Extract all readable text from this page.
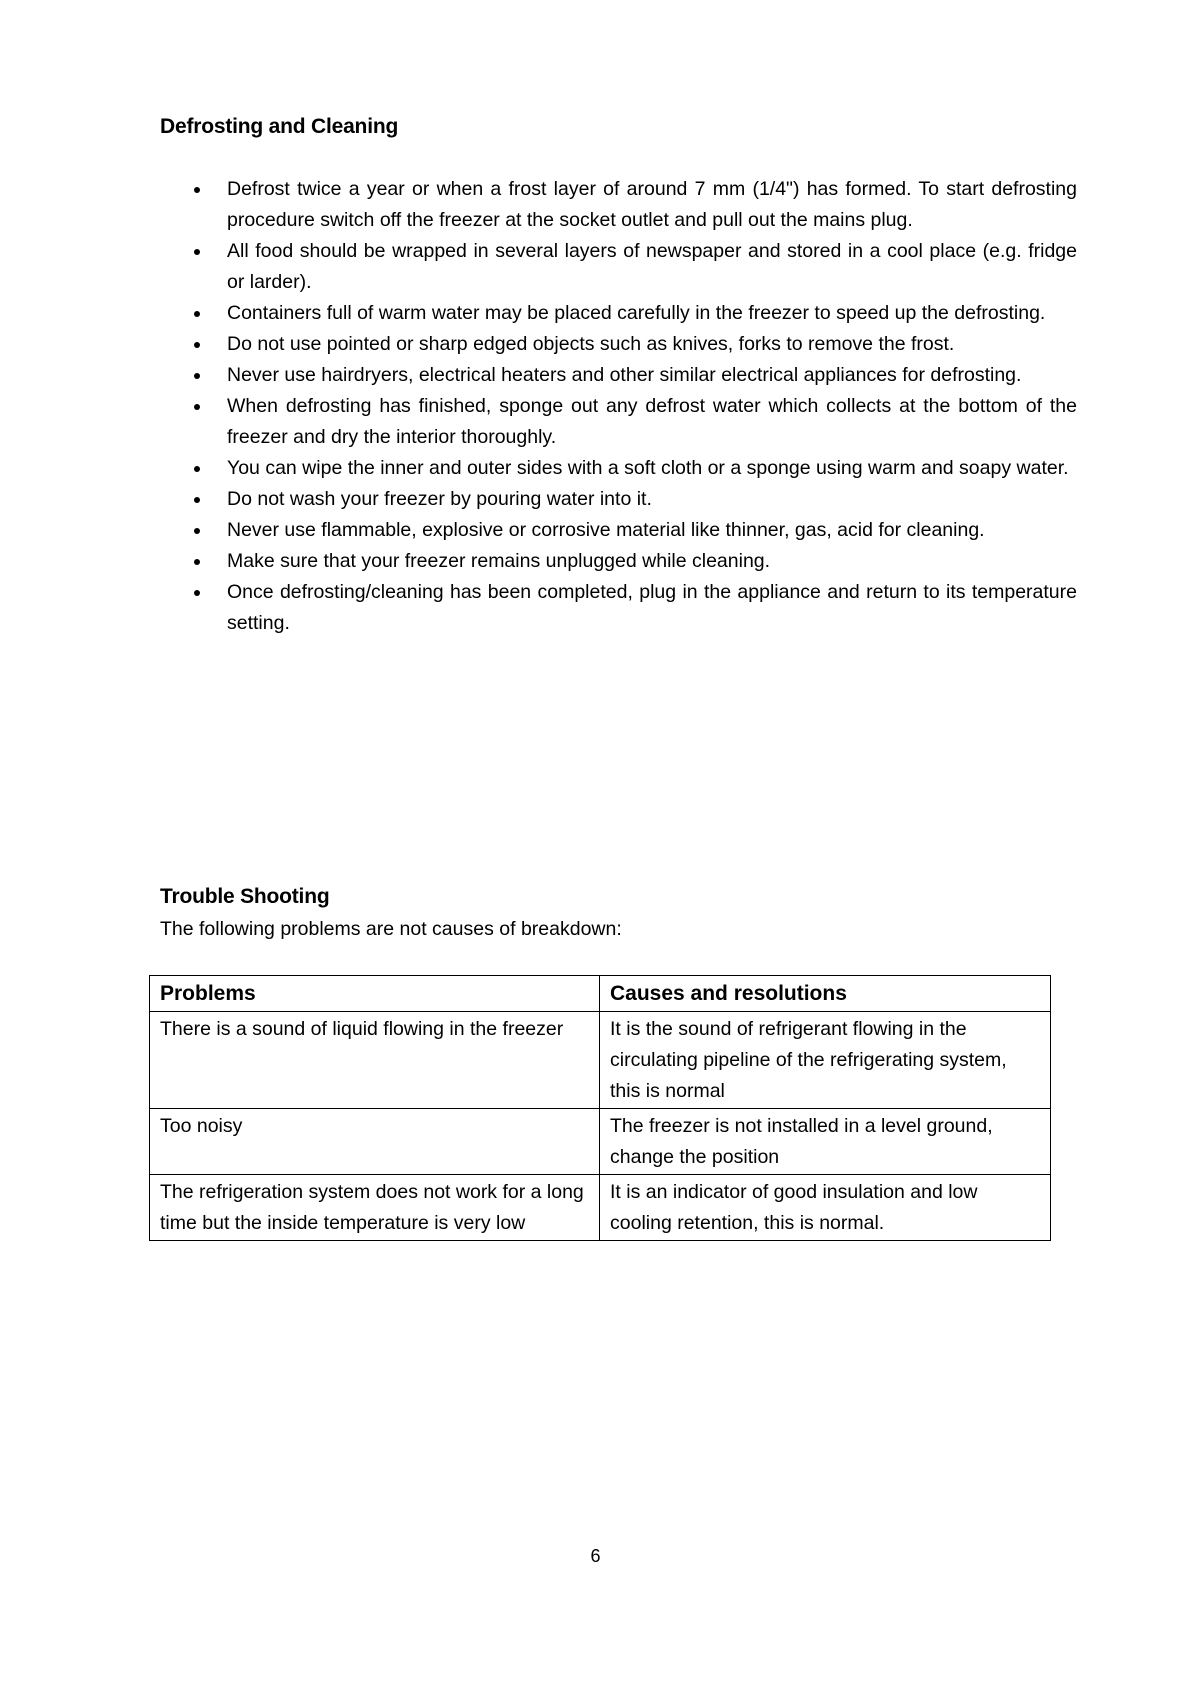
Defrosting and Cleaning
Defrost twice a year or when a frost layer of around 7 mm (1/4") has formed. To start defrosting procedure switch off the freezer at the socket outlet and pull out the mains plug.
All food should be wrapped in several layers of newspaper and stored in a cool place (e.g. fridge or larder).
Containers full of warm water may be placed carefully in the freezer to speed up the defrosting.
Do not use pointed or sharp edged objects such as knives, forks to remove the frost.
Never use hairdryers, electrical heaters and other similar electrical appliances for defrosting.
When defrosting has finished, sponge out any defrost water which collects at the bottom of the freezer and dry the interior thoroughly.
You can wipe the inner and outer sides with a soft cloth or a sponge using warm and soapy water.
Do not wash your freezer by pouring water into it.
Never use flammable, explosive or corrosive material like thinner, gas, acid for cleaning.
Make sure that your freezer remains unplugged while cleaning.
Once defrosting/cleaning has been completed, plug in the appliance and return to its temperature setting.
Trouble Shooting

The following problems are not causes of breakdown:

Problems	Causes and resolutions
There is a sound of liquid flowing in the freezer	It is the sound of refrigerant flowing in the circulating pipeline of the refrigerating system, this is normal
Too noisy	The freezer is not installed in a level ground, change the position
The refrigeration system does not work for a long time but the inside temperature is very low	It is an indicator of good insulation and low cooling retention, this is normal.
6
